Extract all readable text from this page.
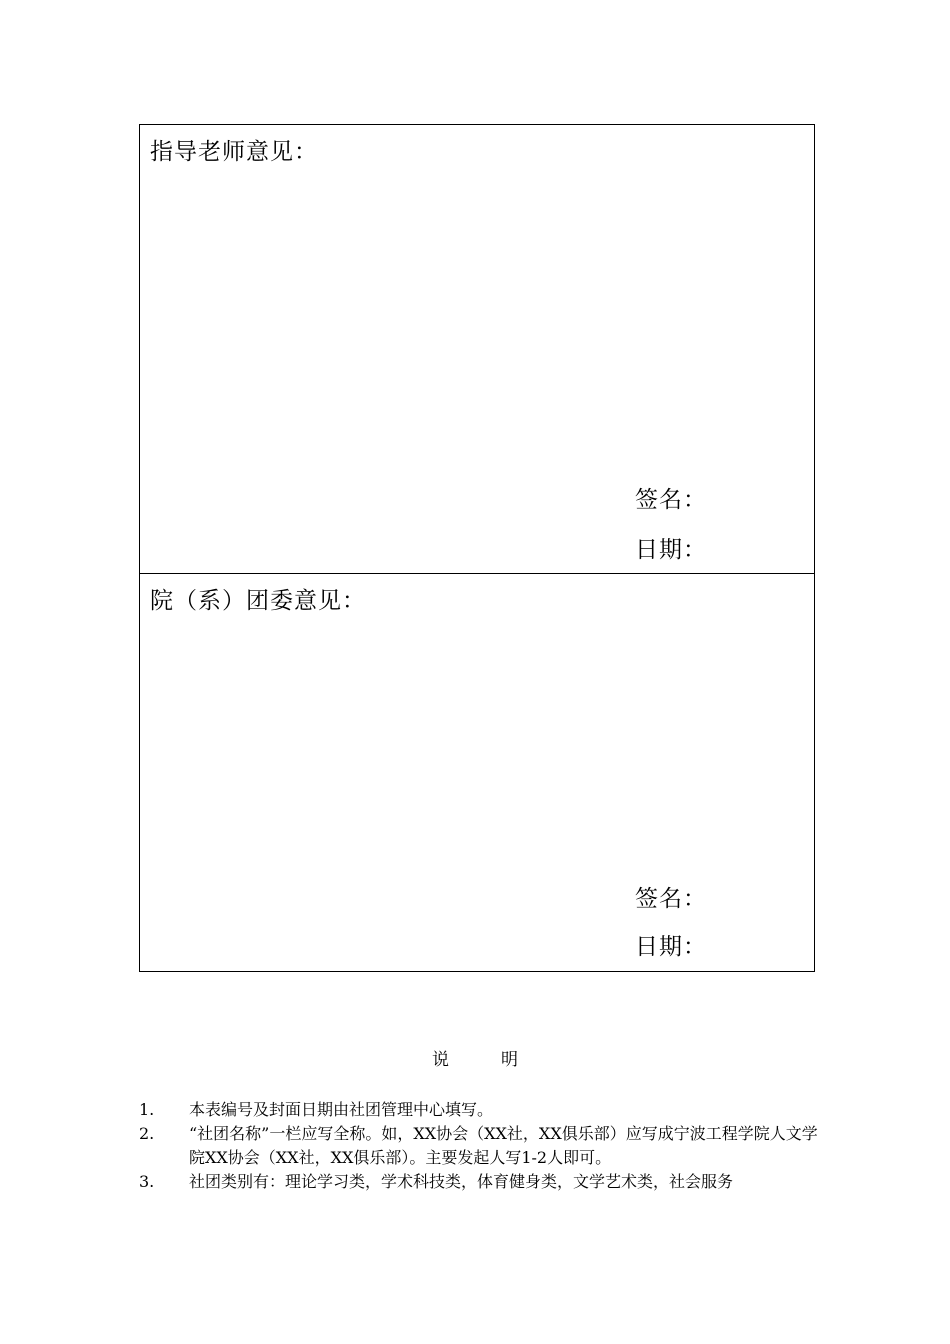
指导老师意见：
签名：
日期：
院（系）团委意见：
签名：
日期：
说	明
1. 本表编号及封面日期由社团管理中心填写。
2. “社团名称”一栏应写全称。如，XX协会（XX社，XX俱乐部）应写成宁波工程学院人文学院XX协会（XX社，XX俱乐部）。主要发起人写1-2人即可。
3. 社团类别有：理论学习类，学术科技类，体育健身类，文学艺术类，社会服务
